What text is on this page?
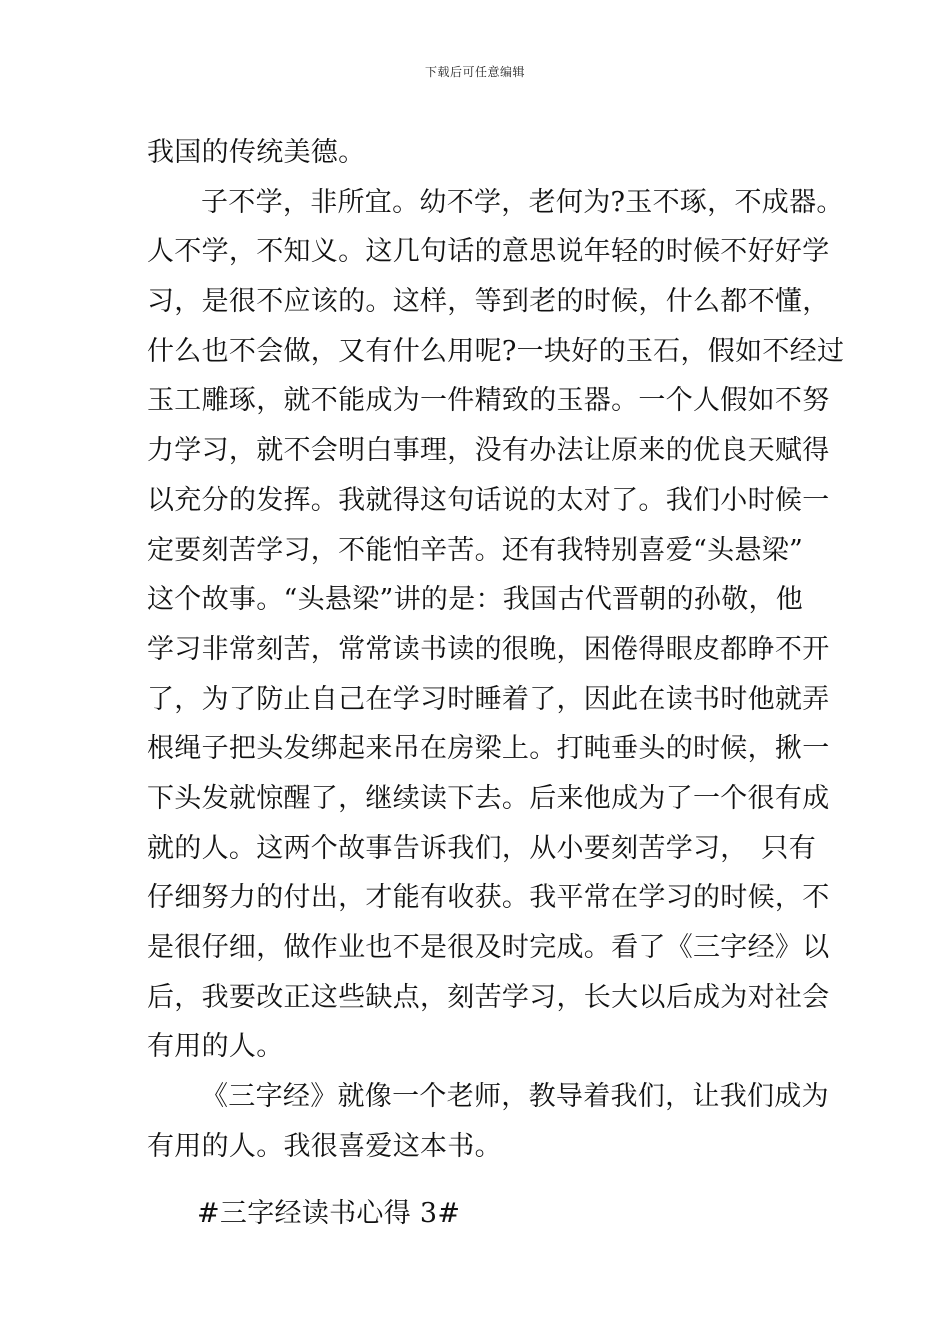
下载后可任意编辑
我国的传统美德。
子不学，非所宜。幼不学，老何为?玉不琢，不成器。
人不学，不知义。这几句话的意思说年轻的时候不好好学
习，是很不应该的。这样，等到老的时候，什么都不懂，
什么也不会做，又有什么用呢?一块好的玉石，假如不经过
玉工雕琢，就不能成为一件精致的玉器。一个人假如不努
力学习，就不会明白事理，没有办法让原来的优良天赋得
以充分的发挥。我就得这句话说的太对了。我们小时候一
定要刻苦学习，不能怕辛苦。还有我特别喜爱“头悬梁”
这个故事。“头悬梁”讲的是：我国古代晋朝的孙敬，他
学习非常刻苦，常常读书读的很晚，困倦得眼皮都睁不开
了，为了防止自己在学习时睡着了，因此在读书时他就弄
根绳子把头发绑起来吊在房梁上。打盹垂头的时候，揪一
下头发就惊醒了，继续读下去。后来他成为了一个很有成
就的人。这两个故事告诉我们，从小要刻苦学习，　只有
仔细努力的付出，才能有收获。我平常在学习的时候，不
是很仔细，做作业也不是很及时完成。看了《三字经》以
后，我要改正这些缺点，刻苦学习，长大以后成为对社会
有用的人。
《三字经》就像一个老师，教导着我们，让我们成为
有用的人。我很喜爱这本书。
#三字经读书心得 3#
